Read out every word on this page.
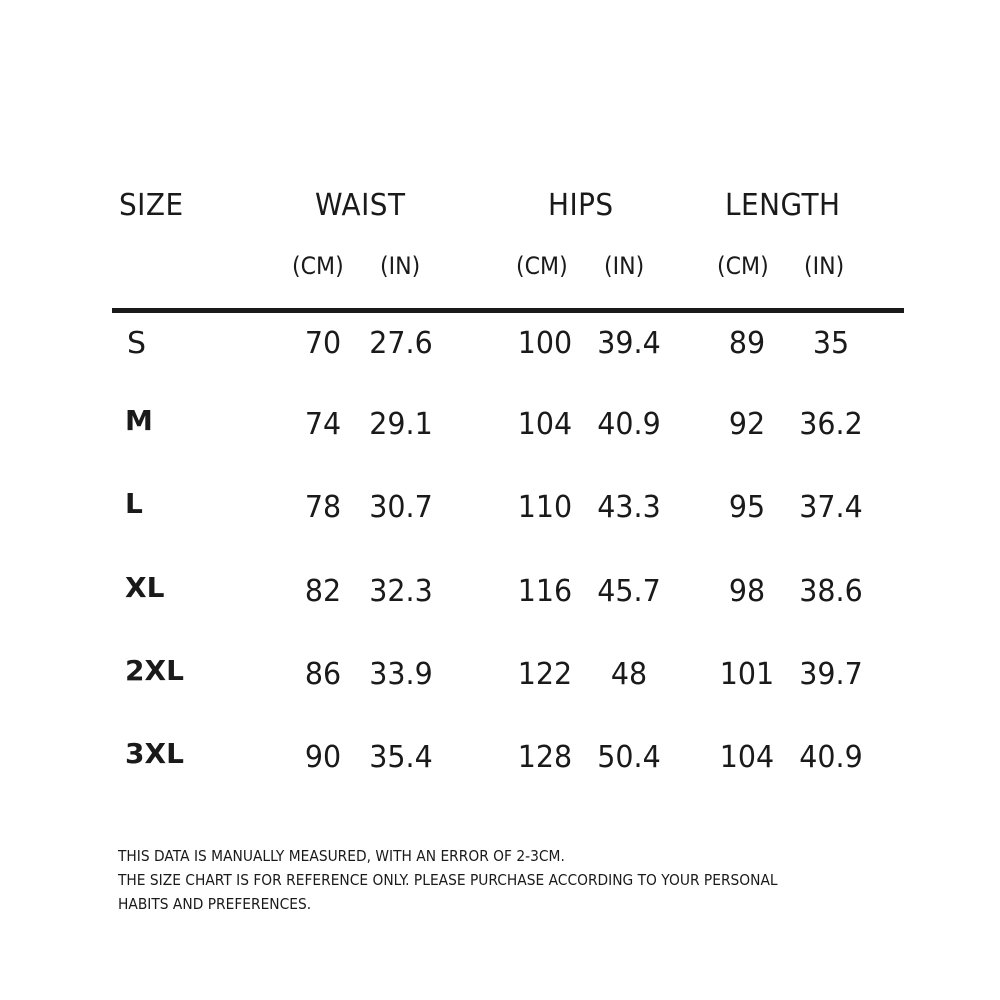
SIZE	WAIST	HIPS	LENGTH
(CM) (IN)	(CM) (IN)	(CM) (IN)
S	70 27.6	100 39.4	89	35
M	74 29.1	104 40.9	92	36.2
L	78 30.7	110 43.3	95	37.4
XL	82 32.3	116 45.7	98	38.6
2XL	86 33.9	122	48	101 39.7
3XL	90 35.4	128 50.4	104 40.9
THIS DATA IS MANUALLY MEASURED, WITH AN ERROR OF 2-3CM.
THE SIZE CHART IS FOR REFERENCE ONLY. PLEASE PURCHASE ACCORDING TO YOUR PERSONAL
HABITS AND PREFERENCES.
